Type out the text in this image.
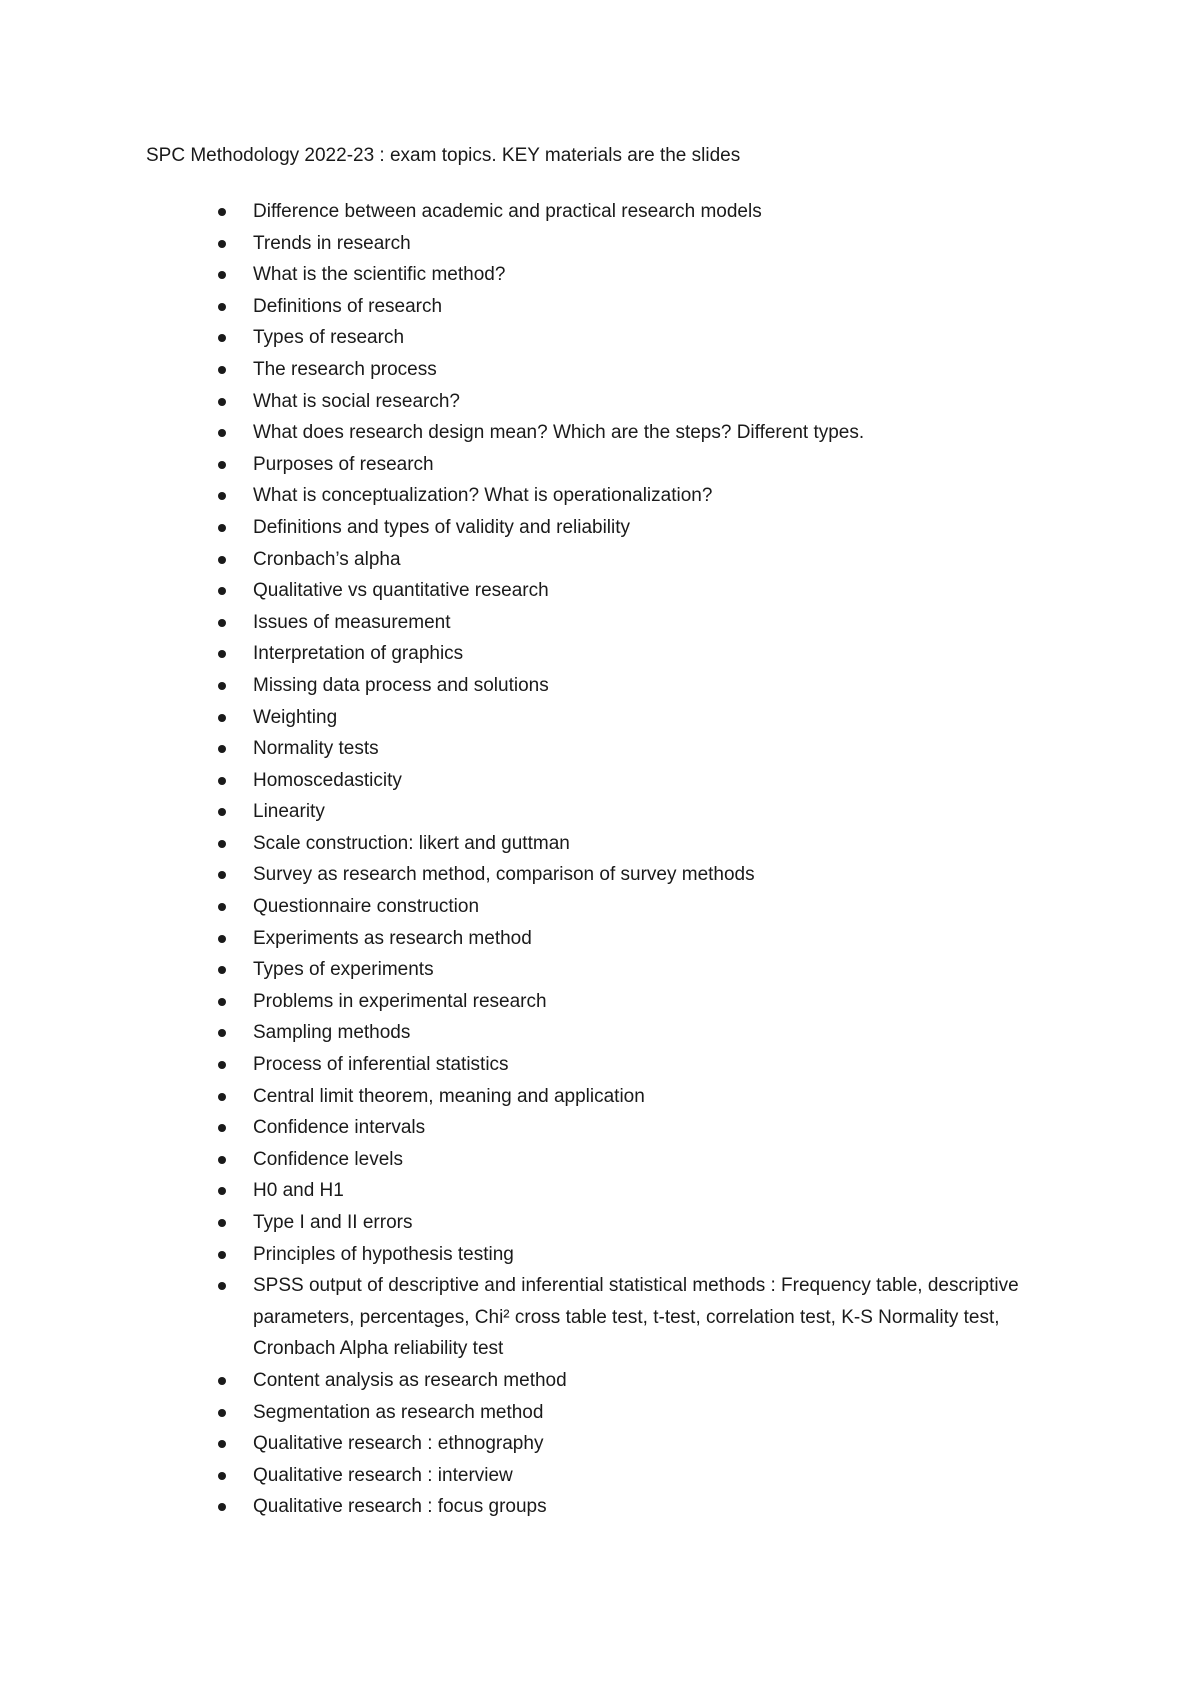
SPC Methodology 2022-23 : exam topics. KEY materials are the slides

Difference between academic and practical research models
Trends in research
What is the scientific method?
Definitions of research
Types of research
The research process
What is social research?
What does research design mean? Which are the steps? Different types.
Purposes of research
What is conceptualization? What is operationalization?
Definitions and types of validity and reliability
Cronbach’s alpha
Qualitative vs quantitative research
Issues of measurement
Interpretation of graphics
Missing data process and solutions
Weighting
Normality tests
Homoscedasticity
Linearity
Scale construction: likert and guttman
Survey as research method, comparison of survey methods
Questionnaire construction
Experiments as research method
Types of experiments
Problems in experimental research
Sampling methods
Process of inferential statistics
Central limit theorem, meaning and application
Confidence intervals
Confidence levels
H0 and H1
Type I and II errors
Principles of hypothesis testing
SPSS output of descriptive and inferential statistical methods : Frequency table, descriptive parameters, percentages, Chi² cross table test, t-test, correlation test, K-S Normality test, Cronbach Alpha reliability test
Content analysis as research method
Segmentation as research method
Qualitative research : ethnography
Qualitative research : interview
Qualitative research : focus groups
